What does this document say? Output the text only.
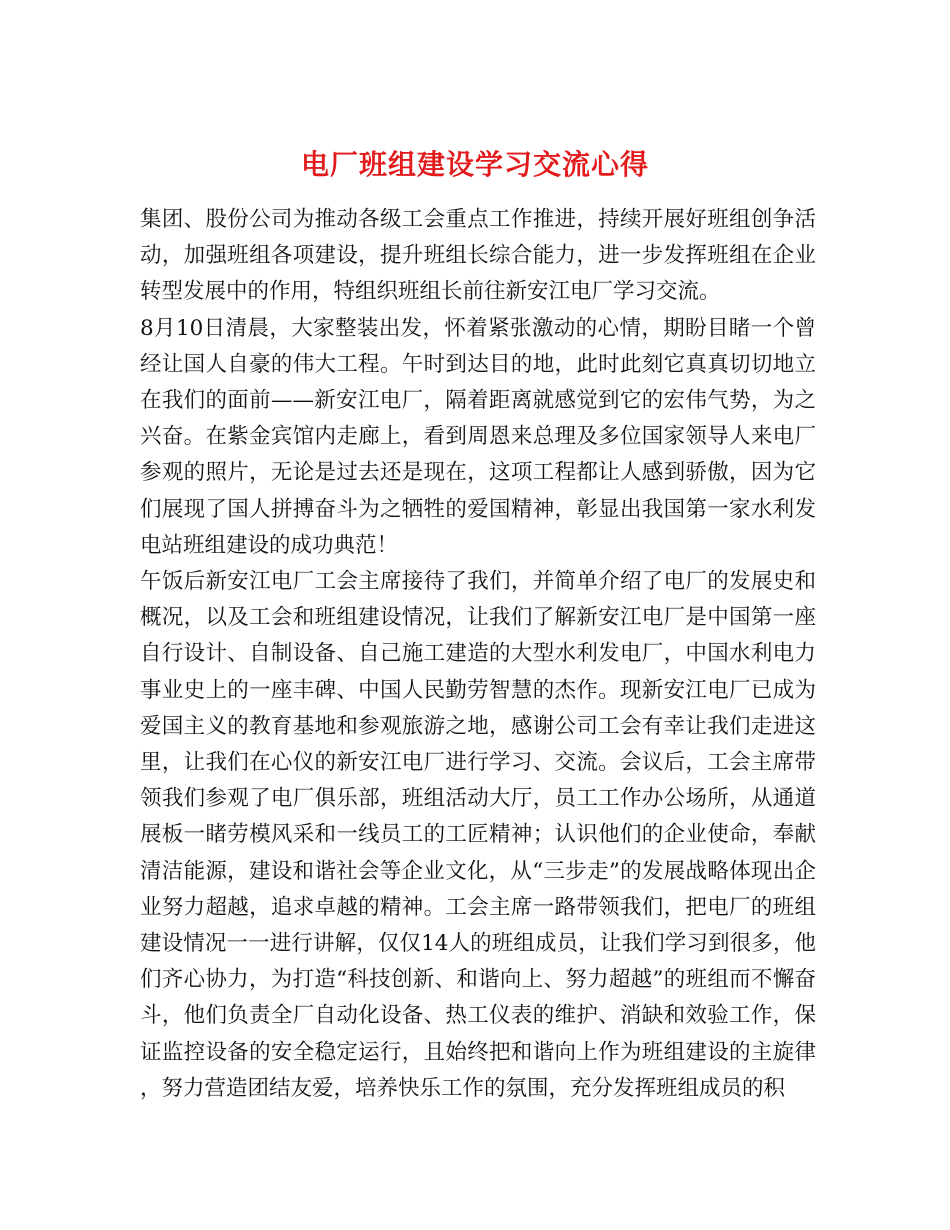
电厂班组建设学习交流心得

集团、股份公司为推动各级工会重点工作推进，持续开展好班组创争活动，加强班组各项建设，提升班组长综合能力，进一步发挥班组在企业转型发展中的作用，特组织班组长前往新安江电厂学习交流。

8月10日清晨，大家整装出发，怀着紧张激动的心情，期盼目睹一个曾经让国人自豪的伟大工程。午时到达目的地，此时此刻它真真切切地立在我们的面前——新安江电厂，隔着距离就感觉到它的宏伟气势，为之兴奋。在紫金宾馆内走廊上，看到周恩来总理及多位国家领导人来电厂参观的照片，无论是过去还是现在，这项工程都让人感到骄傲，因为它们展现了国人拼搏奋斗为之牺牲的爱国精神，彰显出我国第一家水利发电站班组建设的成功典范！

午饭后新安江电厂工会主席接待了我们，并简单介绍了电厂的发展史和概况，以及工会和班组建设情况，让我们了解新安江电厂是中国第一座自行设计、自制设备、自己施工建造的大型水利发电厂，中国水利电力事业史上的一座丰碑、中国人民勤劳智慧的杰作。现新安江电厂已成为爱国主义的教育基地和参观旅游之地，感谢公司工会有幸让我们走进这里，让我们在心仪的新安江电厂进行学习、交流。会议后，工会主席带领我们参观了电厂俱乐部，班组活动大厅，员工工作办公场所，从通道展板一睹劳模风采和一线员工的工匠精神；认识他们的企业使命，奉献清洁能源，建设和谐社会等企业文化，从“三步走”的发展战略体现出企业努力超越，追求卓越的精神。工会主席一路带领我们，把电厂的班组建设情况一一进行讲解，仅仅14人的班组成员，让我们学习到很多，他们齐心协力，为打造“科技创新、和谐向上、努力超越”的班组而不懈奋斗，他们负责全厂自动化设备、热工仪表的维护、消缺和效验工作，保证监控设备的安全稳定运行，且始终把和谐向上作为班组建设的主旋律，努力营造团结友爱，培养快乐工作的氛围，充分发挥班组成员的积
